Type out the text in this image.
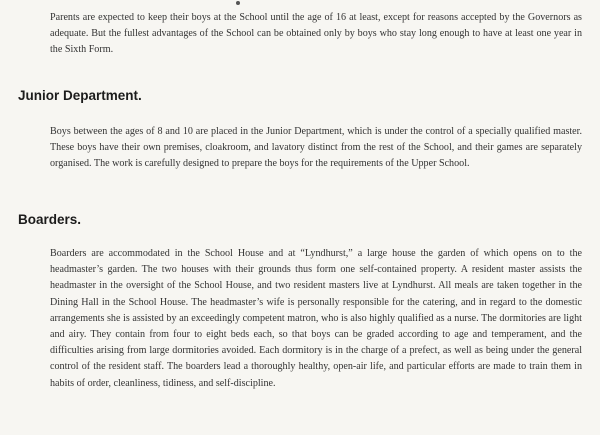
Parents are expected to keep their boys at the School until the age of 16 at least, except for reasons accepted by the Governors as adequate. But the fullest advantages of the School can be obtained only by boys who stay long enough to have at least one year in the Sixth Form.

Junior Department.

Boys between the ages of 8 and 10 are placed in the Junior Department, which is under the control of a specially qualified master. These boys have their own premises, cloakroom, and lavatory distinct from the rest of the School, and their games are separately organised. The work is carefully designed to prepare the boys for the requirements of the Upper School.

Boarders.

Boarders are accommodated in the School House and at “Lyndhurst,” a large house the garden of which opens on to the headmaster’s garden. The two houses with their grounds thus form one self-contained property. A resident master assists the headmaster in the oversight of the School House, and two resident masters live at Lyndhurst. All meals are taken together in the Dining Hall in the School House. The headmaster’s wife is personally responsible for the catering, and in regard to the domestic arrangements she is assisted by an exceedingly competent matron, who is also highly qualified as a nurse. The dormitories are light and airy. They contain from four to eight beds each, so that boys can be graded according to age and temperament, and the difficulties arising from large dormitories avoided. Each dormitory is in the charge of a prefect, as well as being under the general control of the resident staff. The boarders lead a thoroughly healthy, open-air life, and particular efforts are made to train them in habits of order, cleanliness, tidiness, and self-discipline.
